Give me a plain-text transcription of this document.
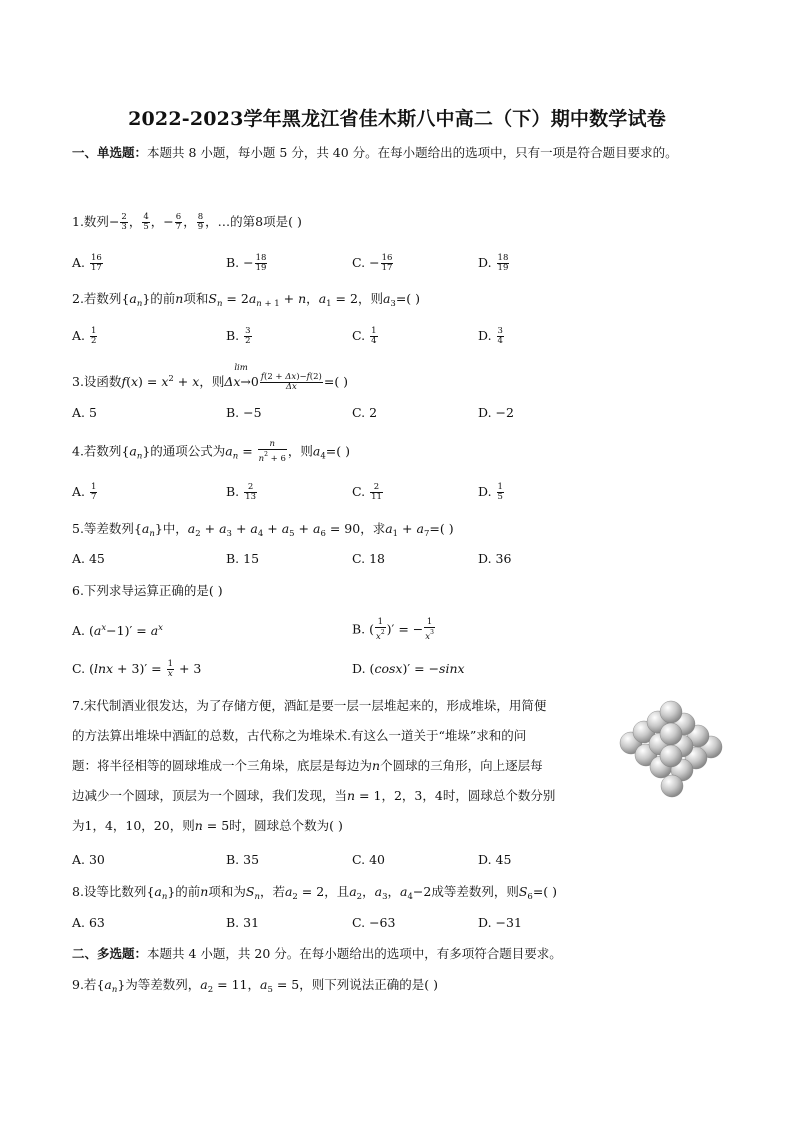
2022-2023学年黑龙江省佳木斯八中高二（下）期中数学试卷
一、单选题：本题共 8 小题，每小题 5 分，共 40 分。在每小题给出的选项中，只有一项是符合题目要求的。
1.数列− $\frac{2}{3}$ ， $\frac{4}{5}$ ，− $\frac{6}{7}$ ， $\frac{8}{9}$ ，…的第8项是( )
A. $\frac{16}{17}$	B. − $\frac{18}{19}$	C. − $\frac{16}{17}$	D. $\frac{18}{19}$
2.若数列$\{a_n\}$的前n项和$S_n = 2a_{n + 1} + n$，$a_1 = 2$，则$a_3=$( )
A. $\frac{1}{2}$	B. $\frac{3}{2}$	C. $\frac{1}{4}$	D. $\frac{3}{4}$
3.设函数$f(x) = x^2 + x$，则
lim
$\Delta x\to 0 \frac{f(2 + \Delta x)-f(2)}{\Delta x}$ =( )
A. 5	B. −5	C. 2	D. −2
4.若数列$\{a_n\}$的通项公式为$a_n = \frac{n}{n^2 + 6}$ ，则$a_4=$( )
A. $\frac{1}{7}$	B. $\frac{2}{13}$	C. $\frac{2}{11}$	D. $\frac{1}{5}$
5.等差数列$\{a_n\}$中，$a_2 + a_3 + a_4 + a_5 + a_6 = 90$，求$a_1 + a_7=$( )
A. 45	B. 15	C. 18	D. 36
6.下列求导运算正确的是( )
A. $(a^x-1)' = a^x$	B. ( $\frac{1}{x^2}$ )′ = − $\frac{1}{x^3}$
C. $(\ln x + 3)' = \frac{1}{x} + 3$	D. (cosx)′ = −sinx
7.宋代制酒业很发达，为了存储方便，酒缸是要一层一层堆起来的，形成堆垛，用简便
的方法算出堆垛中酒缸的总数，古代称之为堆垛术.有这么一道关于“堆垛”求和的问
题：将半径相等的圆球堆成一个三角垛，底层是每边为n个圆球的三角形，向上逐层每
边减少一个圆球，顶层为一个圆球，我们发现，当n = 1，2，3，4时，圆球总个数分别
为1，4，10，20，则n = 5时，圆球总个数为( )
A. 30	B. 35	C. 40	D. 45
8.设等比数列$\{a_n\}$的前n项和为$S_n$，若$a_2 = 2$，且$a_2$，$a_3$，$a_4-2$成等差数列，则$S_6=$( )
A. 63	B. 31	C. −63	D. −31
二、多选题：本题共 4 小题，共 20 分。在每小题给出的选项中，有多项符合题目要求。
9.若$\{a_n\}$为等差数列，$a_2 = 11$，$a_5 = 5$，则下列说法正确的是( )
